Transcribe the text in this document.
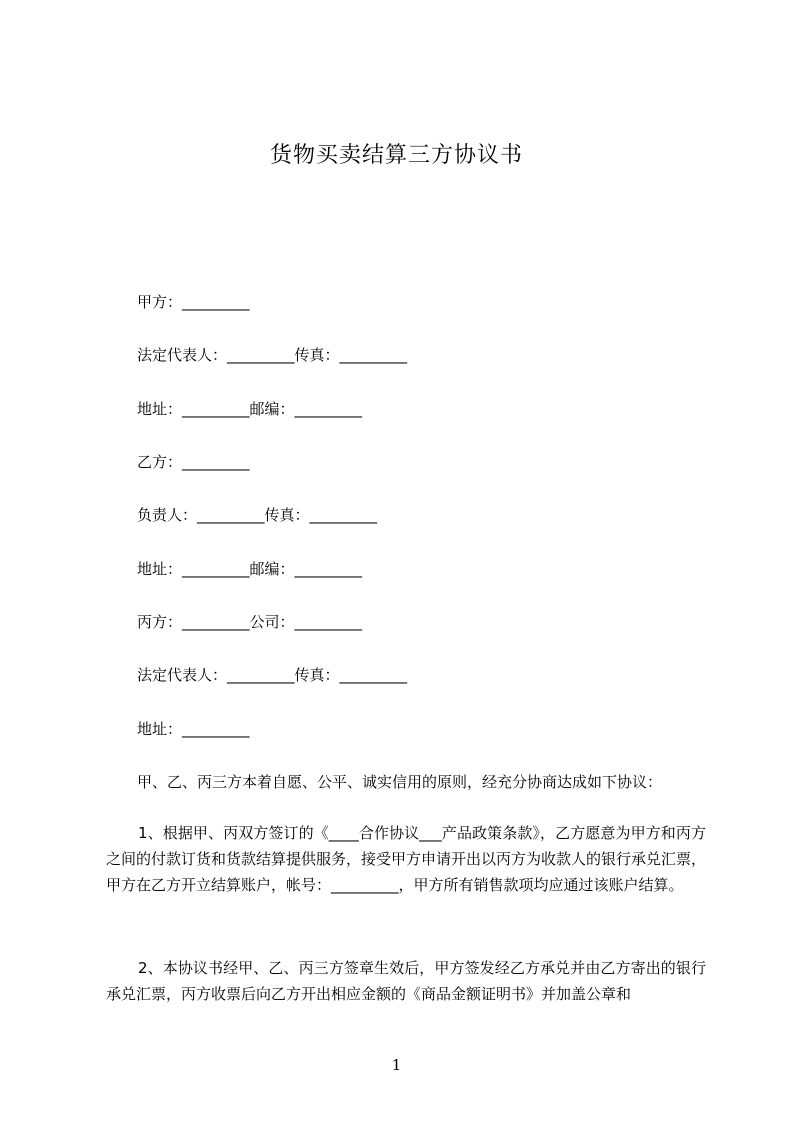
货物买卖结算三方协议书
甲方：_________
法定代表人：_________传真：_________
地址：_________邮编：_________
乙方：_________
负责人：_________传真：_________
地址：_________邮编：_________
丙方：_________公司：_________
法定代表人：_________传真：_________
地址：_________
甲、乙、丙三方本着自愿、公平、诚实信用的原则，经充分协商达成如下协议：
1、根据甲、丙双方签订的《____合作协议___产品政策条款》，乙方愿意为甲方和丙方之间的付款订货和货款结算提供服务，接受甲方申请开出以丙方为收款人的银行承兑汇票，甲方在乙方开立结算账户，帐号：_________，甲方所有销售款项均应通过该账户结算。
2、本协议书经甲、乙、丙三方签章生效后，甲方签发经乙方承兑并由乙方寄出的银行承兑汇票，丙方收票后向乙方开出相应金额的《商品金额证明书》并加盖公章和
1
